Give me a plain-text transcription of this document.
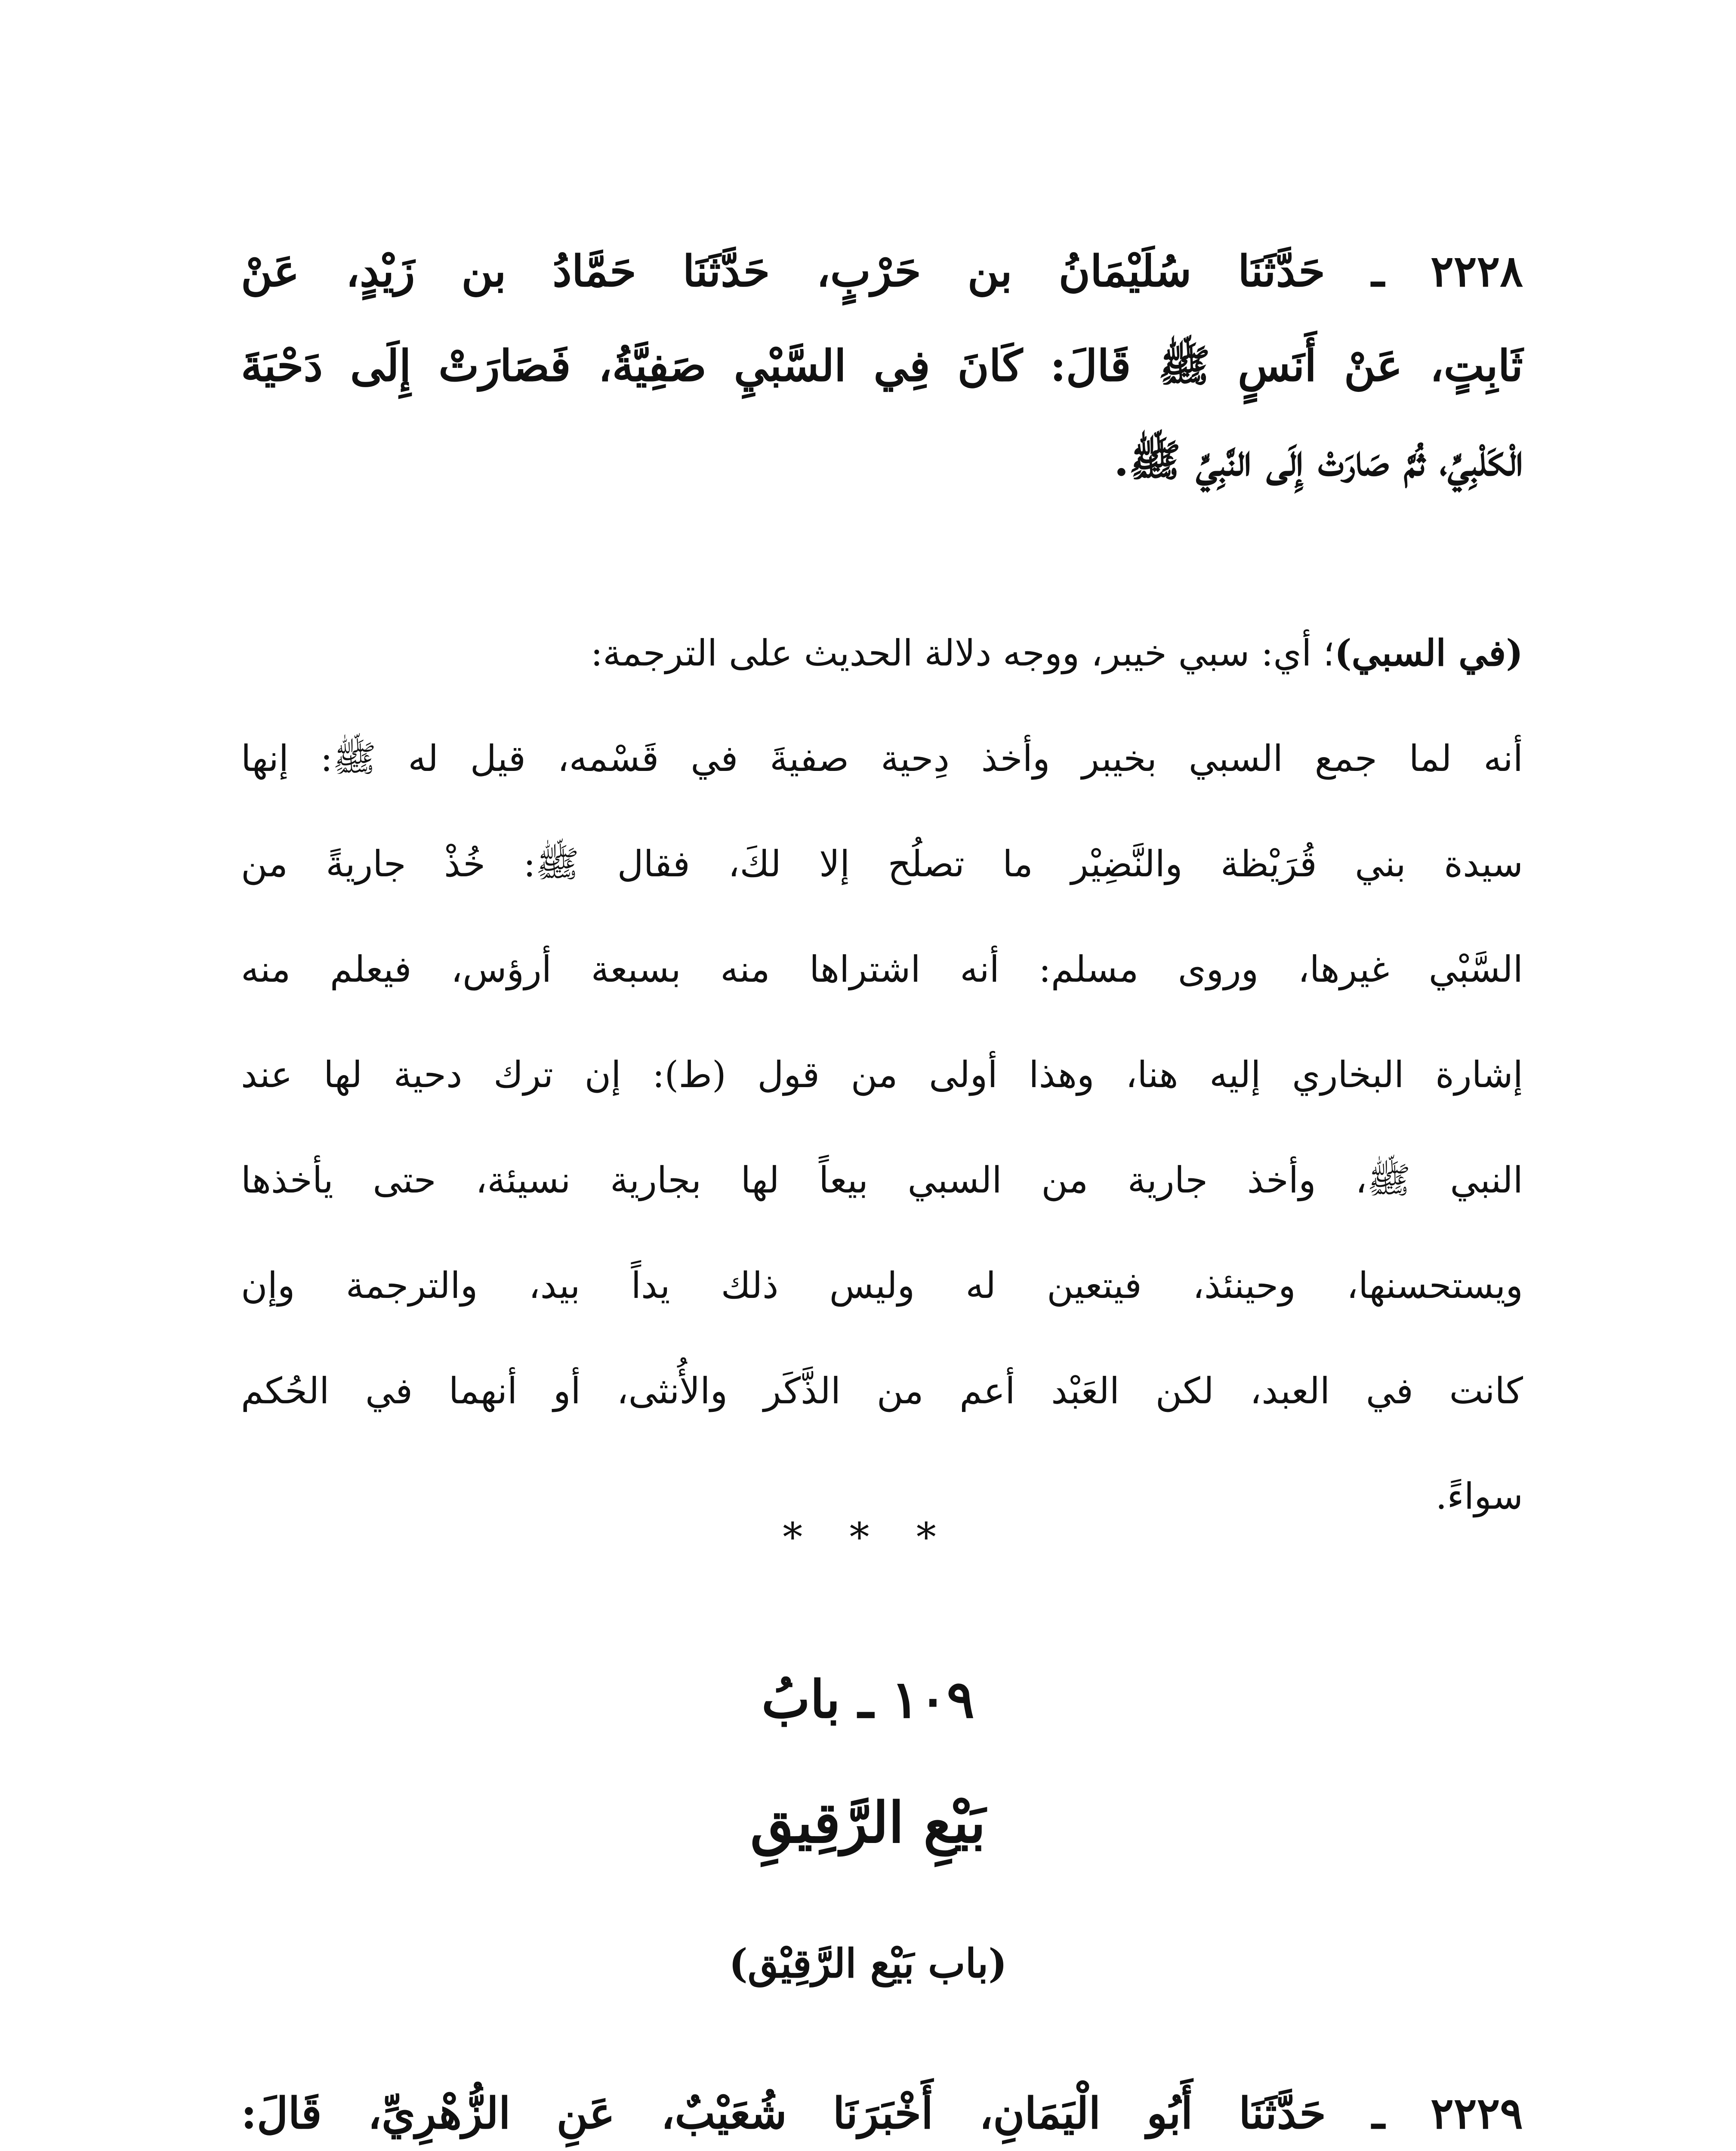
٢٢٢٨ ـ حَدَّثَنَا سُلَيْمَانُ بن حَرْبٍ، حَدَّثَنَا حَمَّادُ بن زَيْدٍ، عَنْ
ثَابِتٍ، عَنْ أَنَسٍ ﷺ قَالَ: كَانَ فِي السَّبْيِ صَفِيَّةُ، فَصَارَتْ إِلَى دَحْيَةَ
الْكَلْبِيِّ، ثُمَّ صَارَتْ إِلَى النَّبِيِّ ﷺ.
(في السبي)؛ أي: سبي خيبر، ووجه دلالة الحديث على الترجمة:
أنه لما جمع السبي بخيبر وأخذ دِحية صفيةَ في قَسْمه، قيل له ﷺ: إنها
سيدة بني قُرَيْظة والنَّضِيْر ما تصلُح إلا لكَ، فقال ﷺ: خُذْ جاريةً من
السَّبْي غيرها، وروى مسلم: أنه اشتراها منه بسبعة أرؤس، فيعلم منه
إشارة البخاري إليه هنا، وهذا أولى من قول (ط): إن ترك دحية لها عند
النبي ﷺ، وأخذ جارية من السبي بيعاً لها بجارية نسيئة، حتى يأخذها
ويستحسنها، وحينئذ، فيتعين له وليس ذلك يداً بيد، والترجمة وإن
كانت في العبد، لكن العَبْد أعم من الذَّكَر والأُنثى، أو أنهما في الحُكم
سواءً.
* * *
١٠٩ ـ بابُ
بَيْعِ الرَّقِيقِ
(باب بَيْع الرَّقِيْق)
٢٢٢٩ ـ حَدَّثَنَا أَبُو الْيَمَانِ، أَخْبَرَنَا شُعَيْبٌ، عَنِ الزُّهْرِيِّ، قَالَ:
